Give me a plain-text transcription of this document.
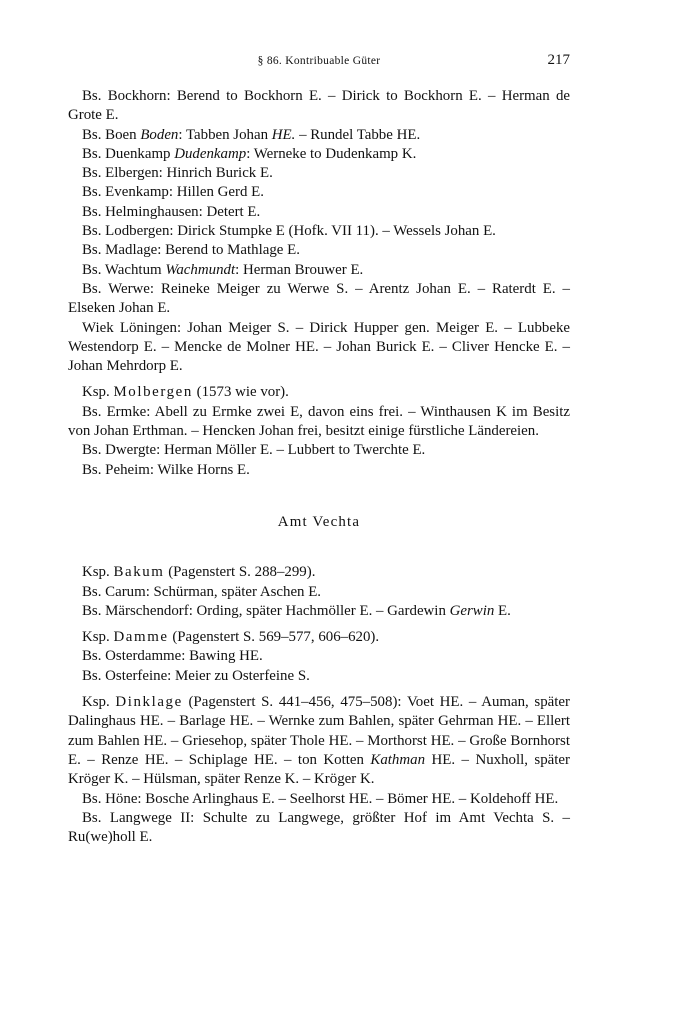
§ 86. Kontribuable Güter	217

Bs. Bockhorn: Berend to Bockhorn E. – Dirick to Bockhorn E. – Herman de Grote E.

Bs. Boen Boden: Tabben Johan HE. – Rundel Tabbe HE.

Bs. Duenkamp Dudenkamp: Werneke to Dudenkamp K.

Bs. Elbergen: Hinrich Burick E.

Bs. Evenkamp: Hillen Gerd E.

Bs. Helminghausen: Detert E.

Bs. Lodbergen: Dirick Stumpke E (Hofk. VII 11). – Wessels Johan E.

Bs. Madlage: Berend to Mathlage E.

Bs. Wachtum Wachmundt: Herman Brouwer E.

Bs. Werwe: Reineke Meiger zu Werwe S. – Arentz Johan E. – Raterdt E. – Elseken Johan E.

Wiek Löningen: Johan Meiger S. – Dirick Hupper gen. Meiger E. – Lubbeke Westendorp E. – Mencke de Molner HE. – Johan Burick E. – Cliver Hencke E. – Johan Mehrdorp E.

Ksp. Molbergen (1573 wie vor).

Bs. Ermke: Abell zu Ermke zwei E, davon eins frei. – Winthausen K im Besitz von Johan Erthman. – Hencken Johan frei, besitzt einige fürstliche Ländereien.

Bs. Dwergte: Herman Möller E. – Lubbert to Twerchte E.

Bs. Peheim: Wilke Horns E.

Amt Vechta

Ksp. Bakum (Pagenstert S. 288–299).

Bs. Carum: Schürman, später Aschen E.

Bs. Märschendorf: Ording, später Hachmöller E. – Gardewin Gerwin E.

Ksp. Damme (Pagenstert S. 569–577, 606–620).

Bs. Osterdamme: Bawing HE.

Bs. Osterfeine: Meier zu Osterfeine S.

Ksp. Dinklage (Pagenstert S. 441–456, 475–508): Voet HE. – Auman, später Dalinghaus HE. – Barlage HE. – Wernke zum Bahlen, später Gehrman HE. – Ellert zum Bahlen HE. – Griesehop, später Thole HE. – Morthorst HE. – Große Bornhorst E. – Renze HE. – Schiplage HE. – ton Kotten Kathman HE. – Nuxholl, später Kröger K. – Hülsman, später Renze K. – Kröger K.

Bs. Höne: Bosche Arlinghaus E. – Seelhorst HE. – Bömer HE. – Koldehoff HE.

Bs. Langwege II: Schulte zu Langwege, größter Hof im Amt Vechta S. – Ru(we)holl E.
